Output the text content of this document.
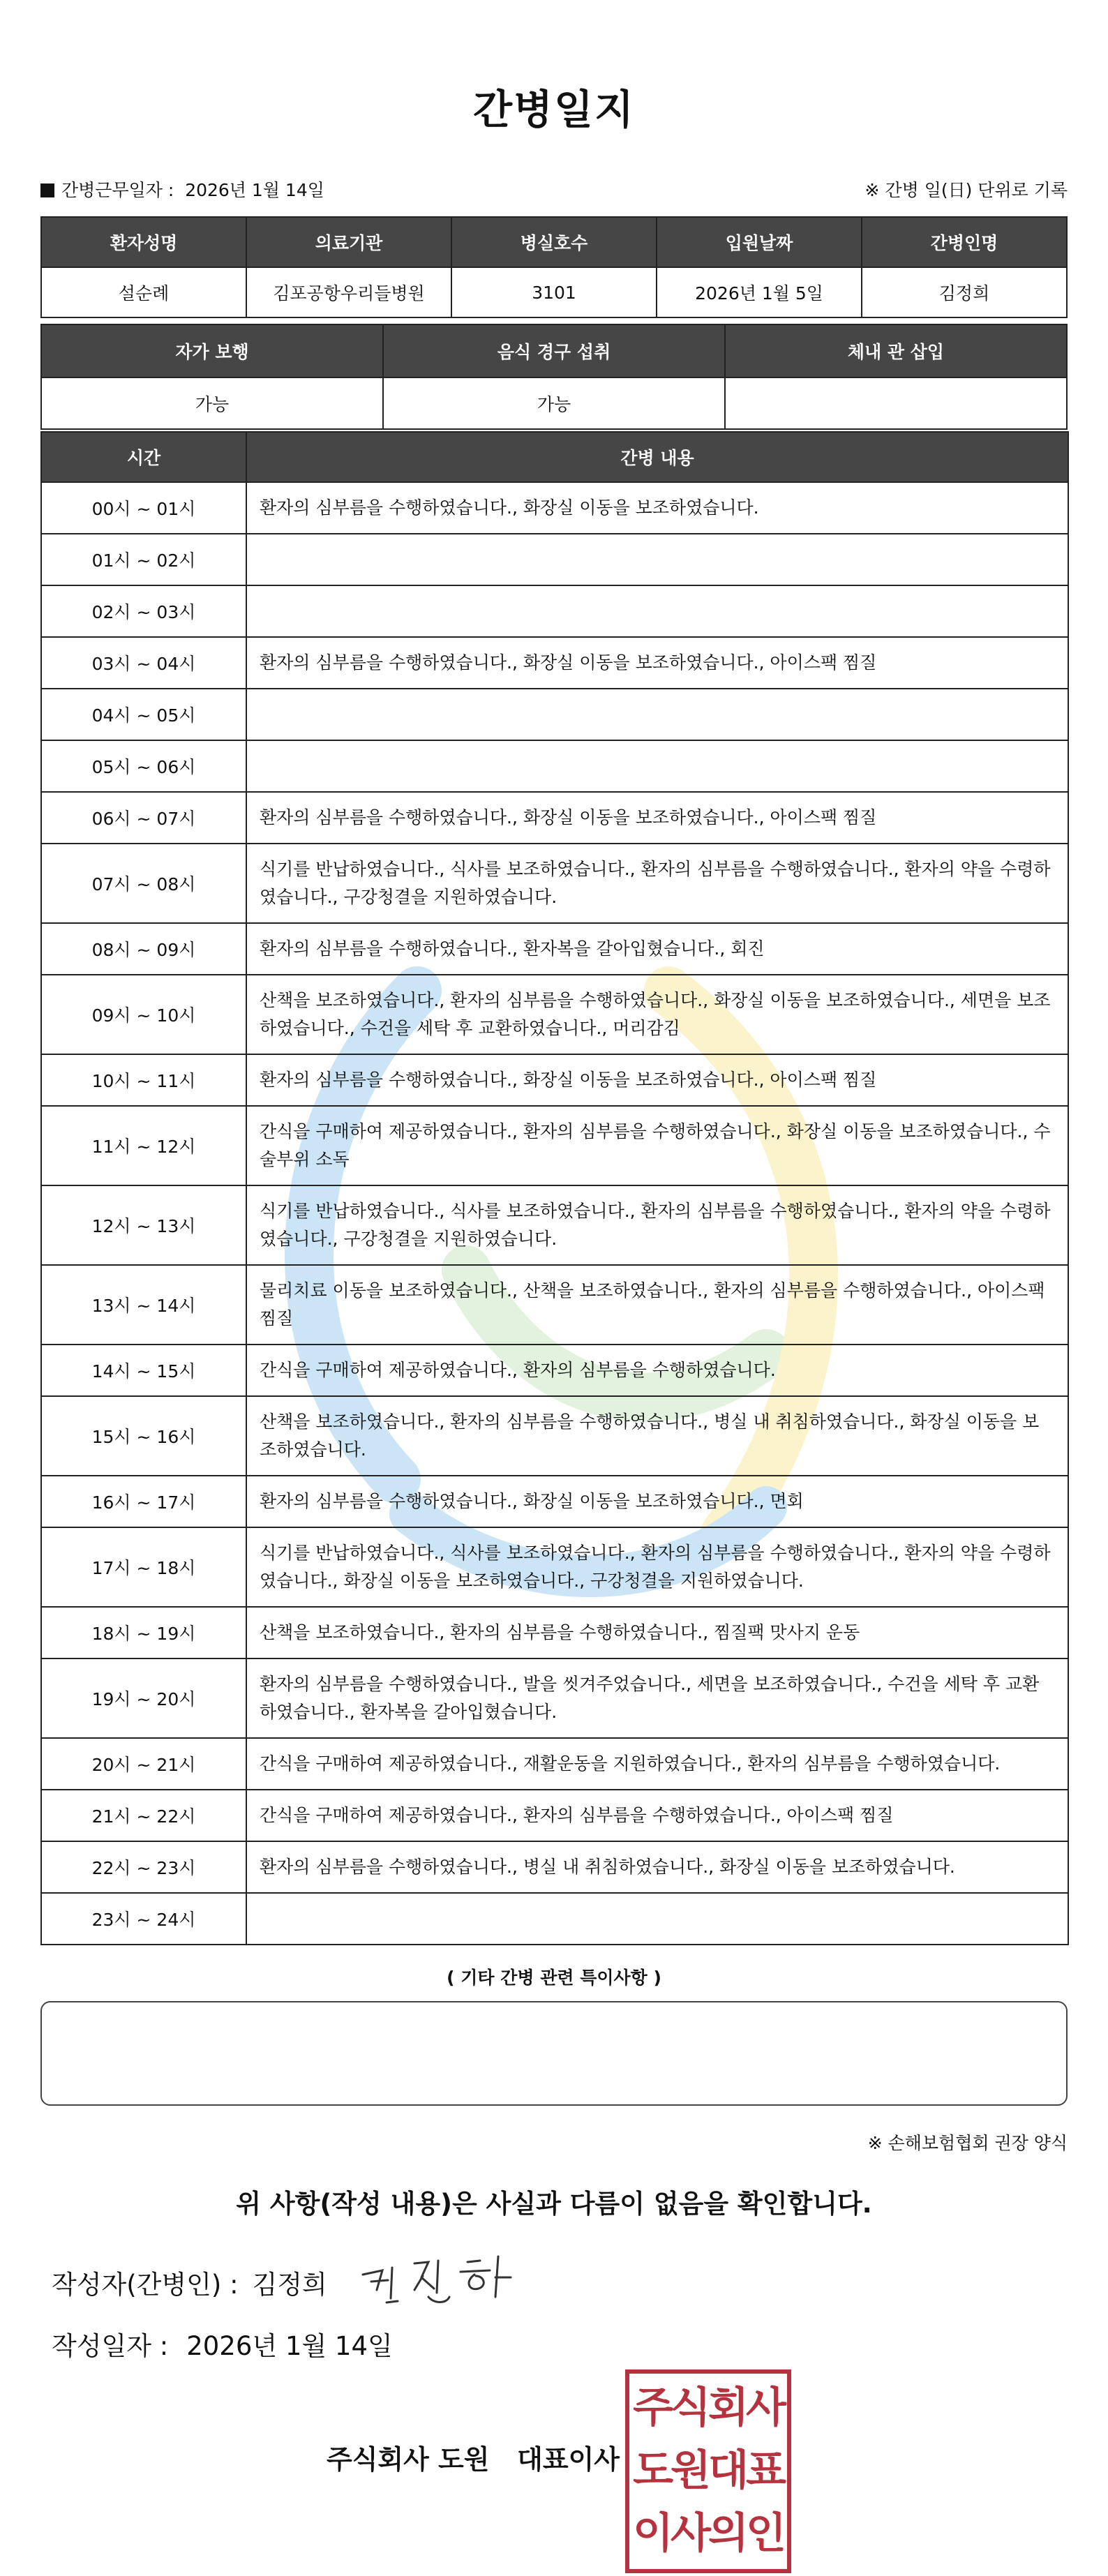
간병일지
간병근무일자 : 2026년 1월 14일	※ 간병 일(日) 단위로 기록
환자성명	의료기관	병실호수	입원날짜	간병인명
설순례	김포공항우리들병원	3101	2026년 1월 5일	김정희
자가 보행	음식 경구 섭취	체내 관 삽입
가능	가능	
시간	간병 내용
00시 ~ 01시	환자의 심부름을 수행하였습니다., 화장실 이동을 보조하였습니다.
01시 ~ 02시	
02시 ~ 03시	
03시 ~ 04시	환자의 심부름을 수행하였습니다., 화장실 이동을 보조하였습니다., 아이스팩 찜질
04시 ~ 05시	
05시 ~ 06시	
06시 ~ 07시	환자의 심부름을 수행하였습니다., 화장실 이동을 보조하였습니다., 아이스팩 찜질
07시 ~ 08시	식기를 반납하였습니다., 식사를 보조하였습니다., 환자의 심부름을 수행하였습니다., 환자의 약을 수령하였습니다., 구강청결을 지원하였습니다.
08시 ~ 09시	환자의 심부름을 수행하였습니다., 환자복을 갈아입혔습니다., 회진
09시 ~ 10시	산책을 보조하였습니다., 환자의 심부름을 수행하였습니다., 화장실 이동을 보조하였습니다., 세면을 보조하였습니다., 수건을 세탁 후 교환하였습니다., 머리감김
10시 ~ 11시	환자의 심부름을 수행하였습니다., 화장실 이동을 보조하였습니다., 아이스팩 찜질
11시 ~ 12시	간식을 구매하여 제공하였습니다., 환자의 심부름을 수행하였습니다., 화장실 이동을 보조하였습니다., 수술부위 소독
12시 ~ 13시	식기를 반납하였습니다., 식사를 보조하였습니다., 환자의 심부름을 수행하였습니다., 환자의 약을 수령하였습니다., 구강청결을 지원하였습니다.
13시 ~ 14시	물리치료 이동을 보조하였습니다., 산책을 보조하였습니다., 환자의 심부름을 수행하였습니다., 아이스팩 찜질
14시 ~ 15시	간식을 구매하여 제공하였습니다., 환자의 심부름을 수행하였습니다.
15시 ~ 16시	산책을 보조하였습니다., 환자의 심부름을 수행하였습니다., 병실 내 취침하였습니다., 화장실 이동을 보조하였습니다.
16시 ~ 17시	환자의 심부름을 수행하였습니다., 화장실 이동을 보조하였습니다., 면회
17시 ~ 18시	식기를 반납하였습니다., 식사를 보조하였습니다., 환자의 심부름을 수행하였습니다., 환자의 약을 수령하였습니다., 화장실 이동을 보조하였습니다., 구강청결을 지원하였습니다.
18시 ~ 19시	산책을 보조하였습니다., 환자의 심부름을 수행하였습니다., 찜질팩 맛사지 운동
19시 ~ 20시	환자의 심부름을 수행하였습니다., 발을 씻겨주었습니다., 세면을 보조하였습니다., 수건을 세탁 후 교환하였습니다., 환자복을 갈아입혔습니다.
20시 ~ 21시	간식을 구매하여 제공하였습니다., 재활운동을 지원하였습니다., 환자의 심부름을 수행하였습니다.
21시 ~ 22시	간식을 구매하여 제공하였습니다., 환자의 심부름을 수행하였습니다., 아이스팩 찜질
22시 ~ 23시	환자의 심부름을 수행하였습니다., 병실 내 취침하였습니다., 화장실 이동을 보조하였습니다.
23시 ~ 24시	
( 기타 간병 관련 특이사항 )
※ 손해보험협회 권장 양식
위 사항(작성 내용)은 사실과 다름이 없음을 확인합니다.
작성자(간병인) : 김정희
작성일자 : 2026년 1월 14일
주식회사 도원   대표이사
주식회사
도원대표
이사의인
